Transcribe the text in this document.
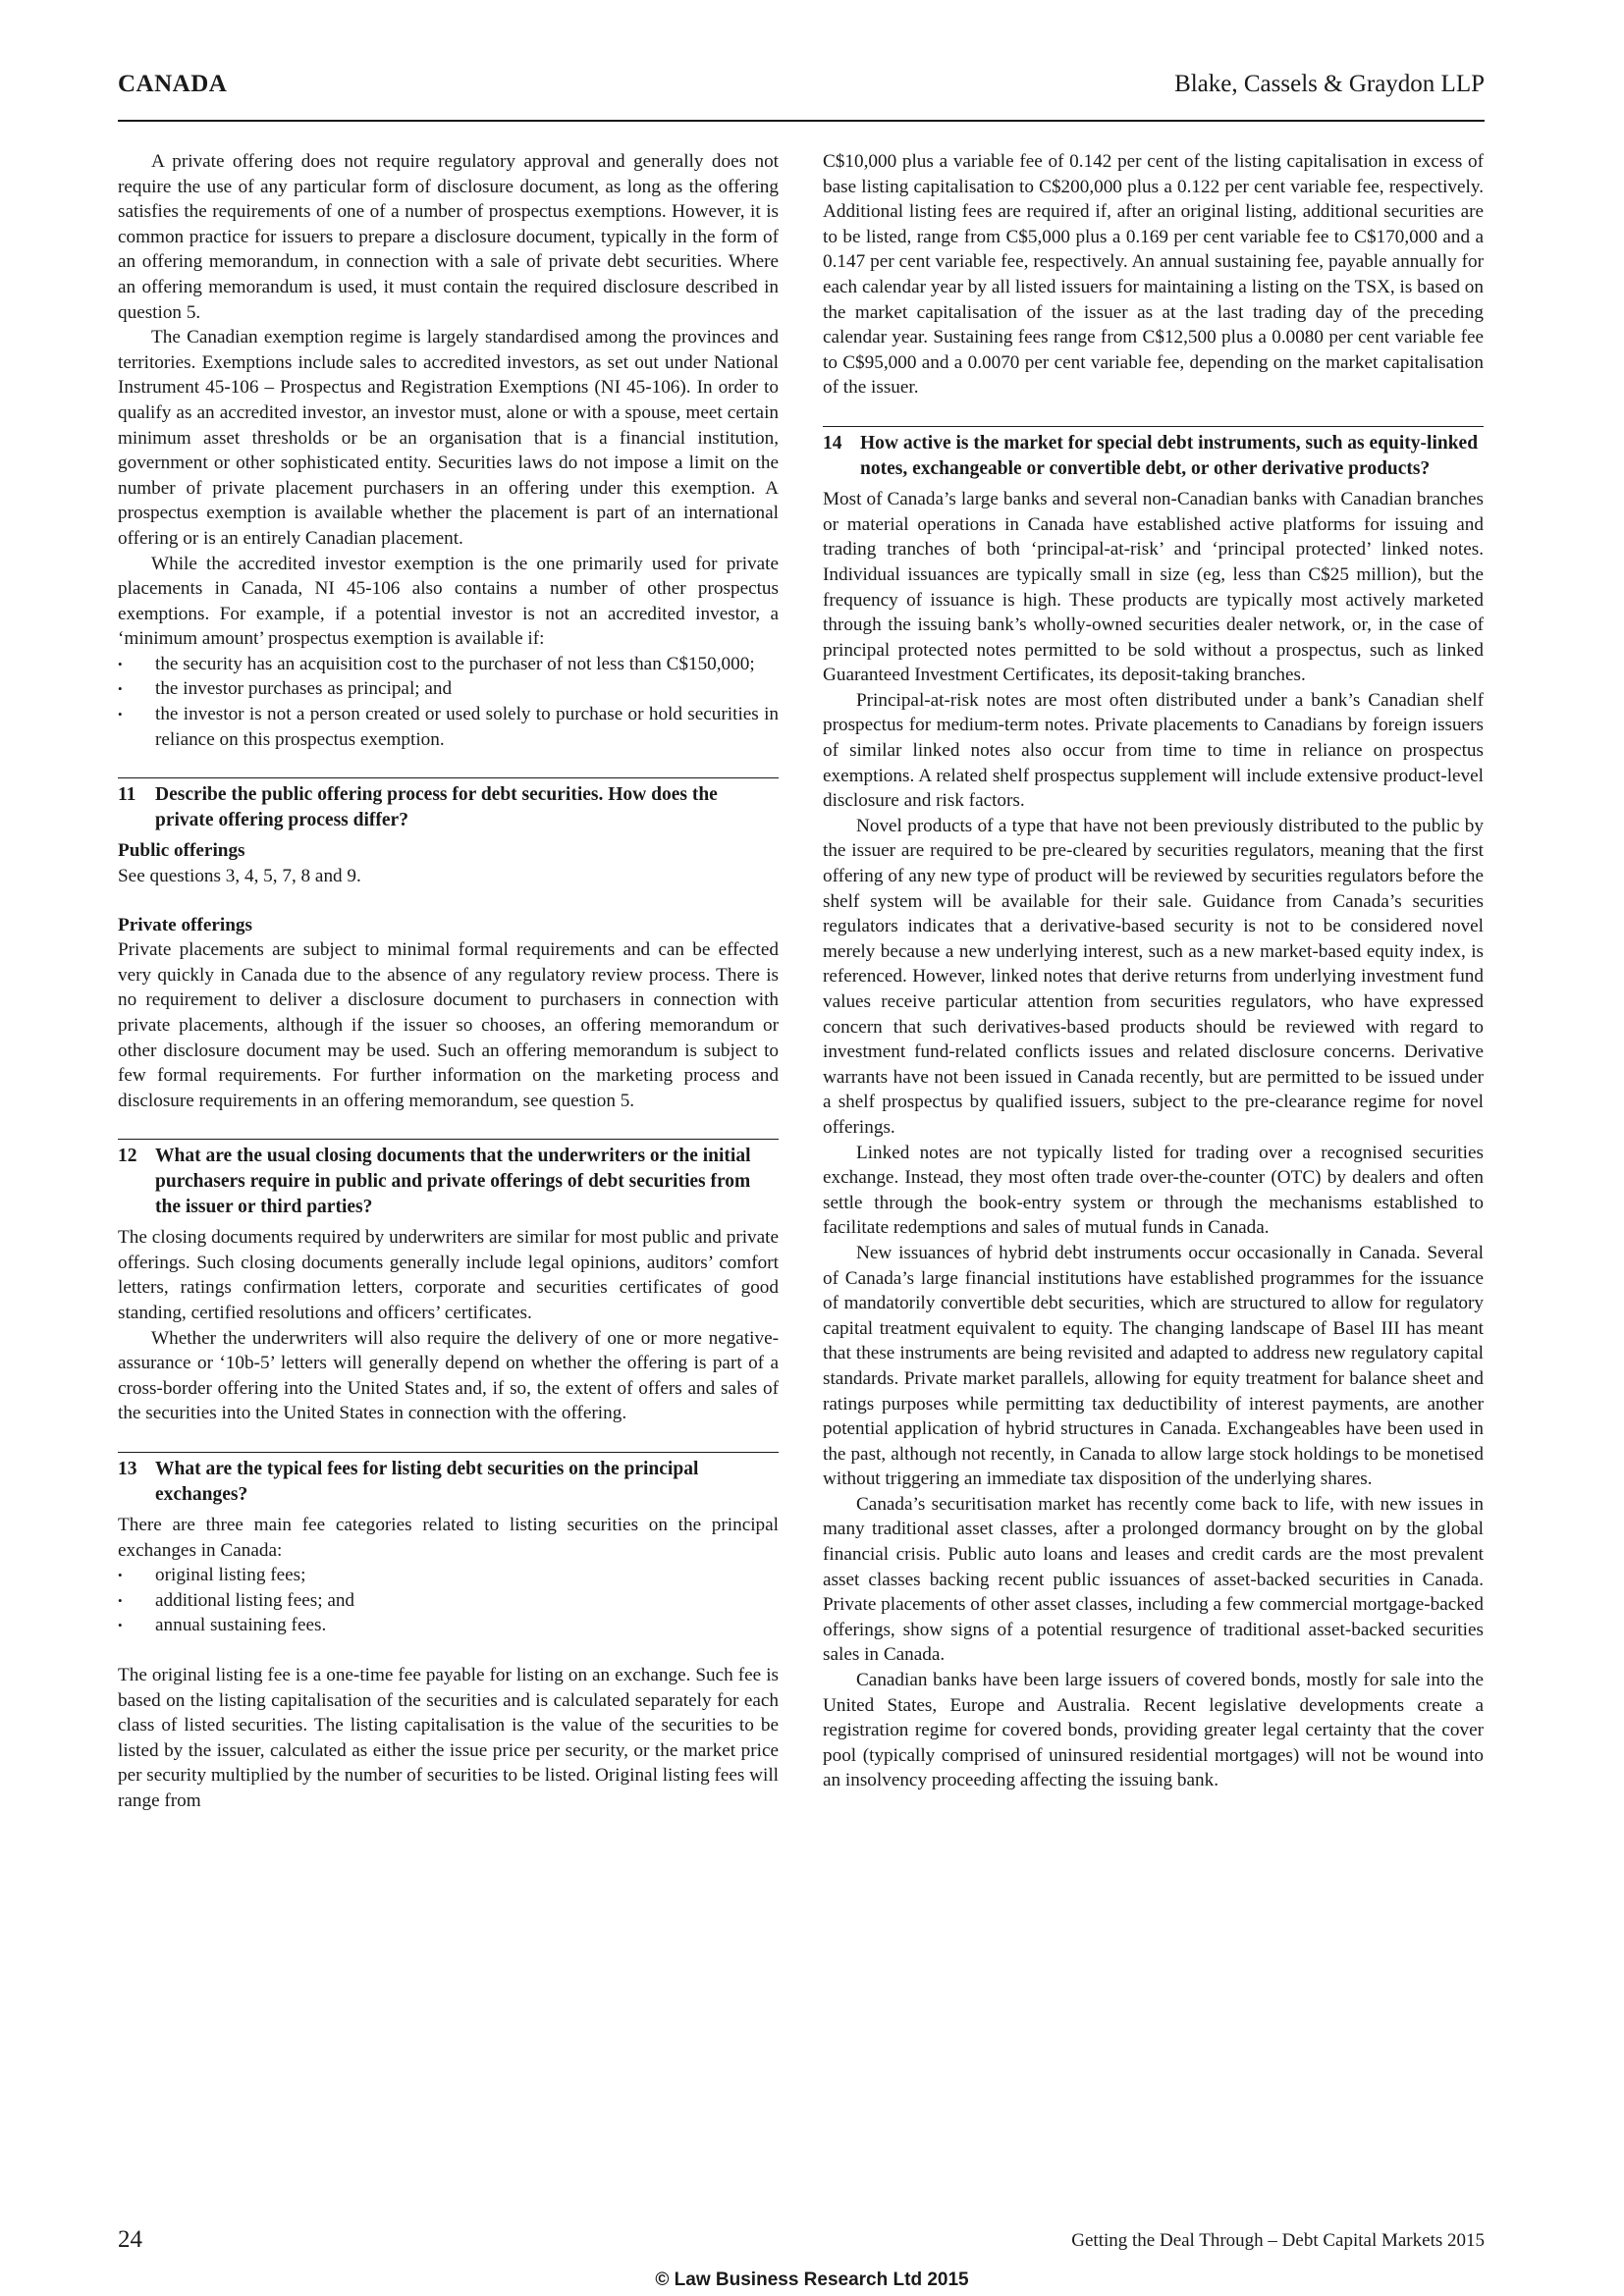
CANADA	Blake, Cassels & Graydon LLP

A private offering does not require regulatory approval and generally does not require the use of any particular form of disclosure document, as long as the offering satisfies the requirements of one of a number of prospectus exemptions. However, it is common practice for issuers to prepare a disclosure document, typically in the form of an offering memorandum, in connection with a sale of private debt securities. Where an offering memorandum is used, it must contain the required disclosure described in question 5.

The Canadian exemption regime is largely standardised among the provinces and territories. Exemptions include sales to accredited investors, as set out under National Instrument 45-106 – Prospectus and Registration Exemptions (NI 45-106). In order to qualify as an accredited investor, an investor must, alone or with a spouse, meet certain minimum asset thresholds or be an organisation that is a financial institution, government or other sophisticated entity. Securities laws do not impose a limit on the number of private placement purchasers in an offering under this exemption. A prospectus exemption is available whether the placement is part of an international offering or is an entirely Canadian placement.

While the accredited investor exemption is the one primarily used for private placements in Canada, NI 45-106 also contains a number of other prospectus exemptions. For example, if a potential investor is not an accredited investor, a ‘minimum amount’ prospectus exemption is available if:

• the security has an acquisition cost to the purchaser of not less than C$150,000;
• the investor purchases as principal; and
• the investor is not a person created or used solely to purchase or hold securities in reliance on this prospectus exemption.
11	Describe the public offering process for debt securities. How does the private offering process differ?

Public offerings

See questions 3, 4, 5, 7, 8 and 9.

Private offerings

Private placements are subject to minimal formal requirements and can be effected very quickly in Canada due to the absence of any regulatory review process. There is no requirement to deliver a disclosure document to purchasers in connection with private placements, although if the issuer so chooses, an offering memorandum or other disclosure document may be used. Such an offering memorandum is subject to few formal requirements. For further information on the marketing process and disclosure requirements in an offering memorandum, see question 5.

12 What are the usual closing documents that the underwriters or the initial purchasers require in public and private offerings of debt securities from the issuer or third parties?

The closing documents required by underwriters are similar for most public and private offerings. Such closing documents generally include legal opinions, auditors’ comfort letters, ratings confirmation letters, corporate and securities certificates of good standing, certified resolutions and officers’ certificates.

Whether the underwriters will also require the delivery of one or more negative-assurance or ‘10b-5’ letters will generally depend on whether the offering is part of a cross-border offering into the United States and, if so, the extent of offers and sales of the securities into the United States in connection with the offering.

13 What are the typical fees for listing debt securities on the principal exchanges?

There are three main fee categories related to listing securities on the principal exchanges in Canada:

• original listing fees;
• additional listing fees; and
• annual sustaining fees.

The original listing fee is a one-time fee payable for listing on an exchange. Such fee is based on the listing capitalisation of the securities and is calculated separately for each class of listed securities. The listing capitalisation is the value of the securities to be listed by the issuer, calculated as either the issue price per security, or the market price per security multiplied by the number of securities to be listed. Original listing fees will range from

C$10,000 plus a variable fee of 0.142 per cent of the listing capitalisation in excess of base listing capitalisation to C$200,000 plus a 0.122 per cent variable fee, respectively. Additional listing fees are required if, after an original listing, additional securities are to be listed, range from C$5,000 plus a 0.169 per cent variable fee to C$170,000 and a 0.147 per cent variable fee, respectively. An annual sustaining fee, payable annually for each calendar year by all listed issuers for maintaining a listing on the TSX, is based on the market capitalisation of the issuer as at the last trading day of the preceding calendar year. Sustaining fees range from C$12,500 plus a 0.0080 per cent variable fee to C$95,000 and a 0.0070 per cent variable fee, depending on the market capitalisation of the issuer.

14 How active is the market for special debt instruments, such as equity-linked notes, exchangeable or convertible debt, or other derivative products?

Most of Canada’s large banks and several non-Canadian banks with Canadian branches or material operations in Canada have established active platforms for issuing and trading tranches of both ‘principal-at-risk’ and ‘principal protected’ linked notes. Individual issuances are typically small in size (eg, less than C$25 million), but the frequency of issuance is high. These products are typically most actively marketed through the issuing bank’s wholly-owned securities dealer network, or, in the case of principal protected notes permitted to be sold without a prospectus, such as linked Guaranteed Investment Certificates, its deposit-taking branches.

Principal-at-risk notes are most often distributed under a bank’s Canadian shelf prospectus for medium-term notes. Private placements to Canadians by foreign issuers of similar linked notes also occur from time to time in reliance on prospectus exemptions. A related shelf prospectus supplement will include extensive product-level disclosure and risk factors.

Novel products of a type that have not been previously distributed to the public by the issuer are required to be pre-cleared by securities regulators, meaning that the first offering of any new type of product will be reviewed by securities regulators before the shelf system will be available for their sale. Guidance from Canada’s securities regulators indicates that a derivative-based security is not to be considered novel merely because a new underlying interest, such as a new market-based equity index, is referenced. However, linked notes that derive returns from underlying investment fund values receive particular attention from securities regulators, who have expressed concern that such derivatives-based products should be reviewed with regard to investment fund-related conflicts issues and related disclosure concerns. Derivative warrants have not been issued in Canada recently, but are permitted to be issued under a shelf prospectus by qualified issuers, subject to the pre-clearance regime for novel offerings.

Linked notes are not typically listed for trading over a recognised securities exchange. Instead, they most often trade over-the-counter (OTC) by dealers and often settle through the book-entry system or through the mechanisms established to facilitate redemptions and sales of mutual funds in Canada.

New issuances of hybrid debt instruments occur occasionally in Canada. Several of Canada’s large financial institutions have established programmes for the issuance of mandatorily convertible debt securities, which are structured to allow for regulatory capital treatment equivalent to equity. The changing landscape of Basel III has meant that these instruments are being revisited and adapted to address new regulatory capital standards. Private market parallels, allowing for equity treatment for balance sheet and ratings purposes while permitting tax deductibility of interest payments, are another potential application of hybrid structures in Canada. Exchangeables have been used in the past, although not recently, in Canada to allow large stock holdings to be monetised without triggering an immediate tax disposition of the underlying shares.

Canada’s securitisation market has recently come back to life, with new issues in many traditional asset classes, after a prolonged dormancy brought on by the global financial crisis. Public auto loans and leases and credit cards are the most prevalent asset classes backing recent public issuances of asset-backed securities in Canada. Private placements of other asset classes, including a few commercial mortgage-backed offerings, show signs of a potential resurgence of traditional asset-backed securities sales in Canada.

Canadian banks have been large issuers of covered bonds, mostly for sale into the United States, Europe and Australia. Recent legislative developments create a registration regime for covered bonds, providing greater legal certainty that the cover pool (typically comprised of uninsured residential mortgages) will not be wound into an insolvency proceeding affecting the issuing bank.

24	Getting the Deal Through – Debt Capital Markets 2015
© Law Business Research Ltd 2015
